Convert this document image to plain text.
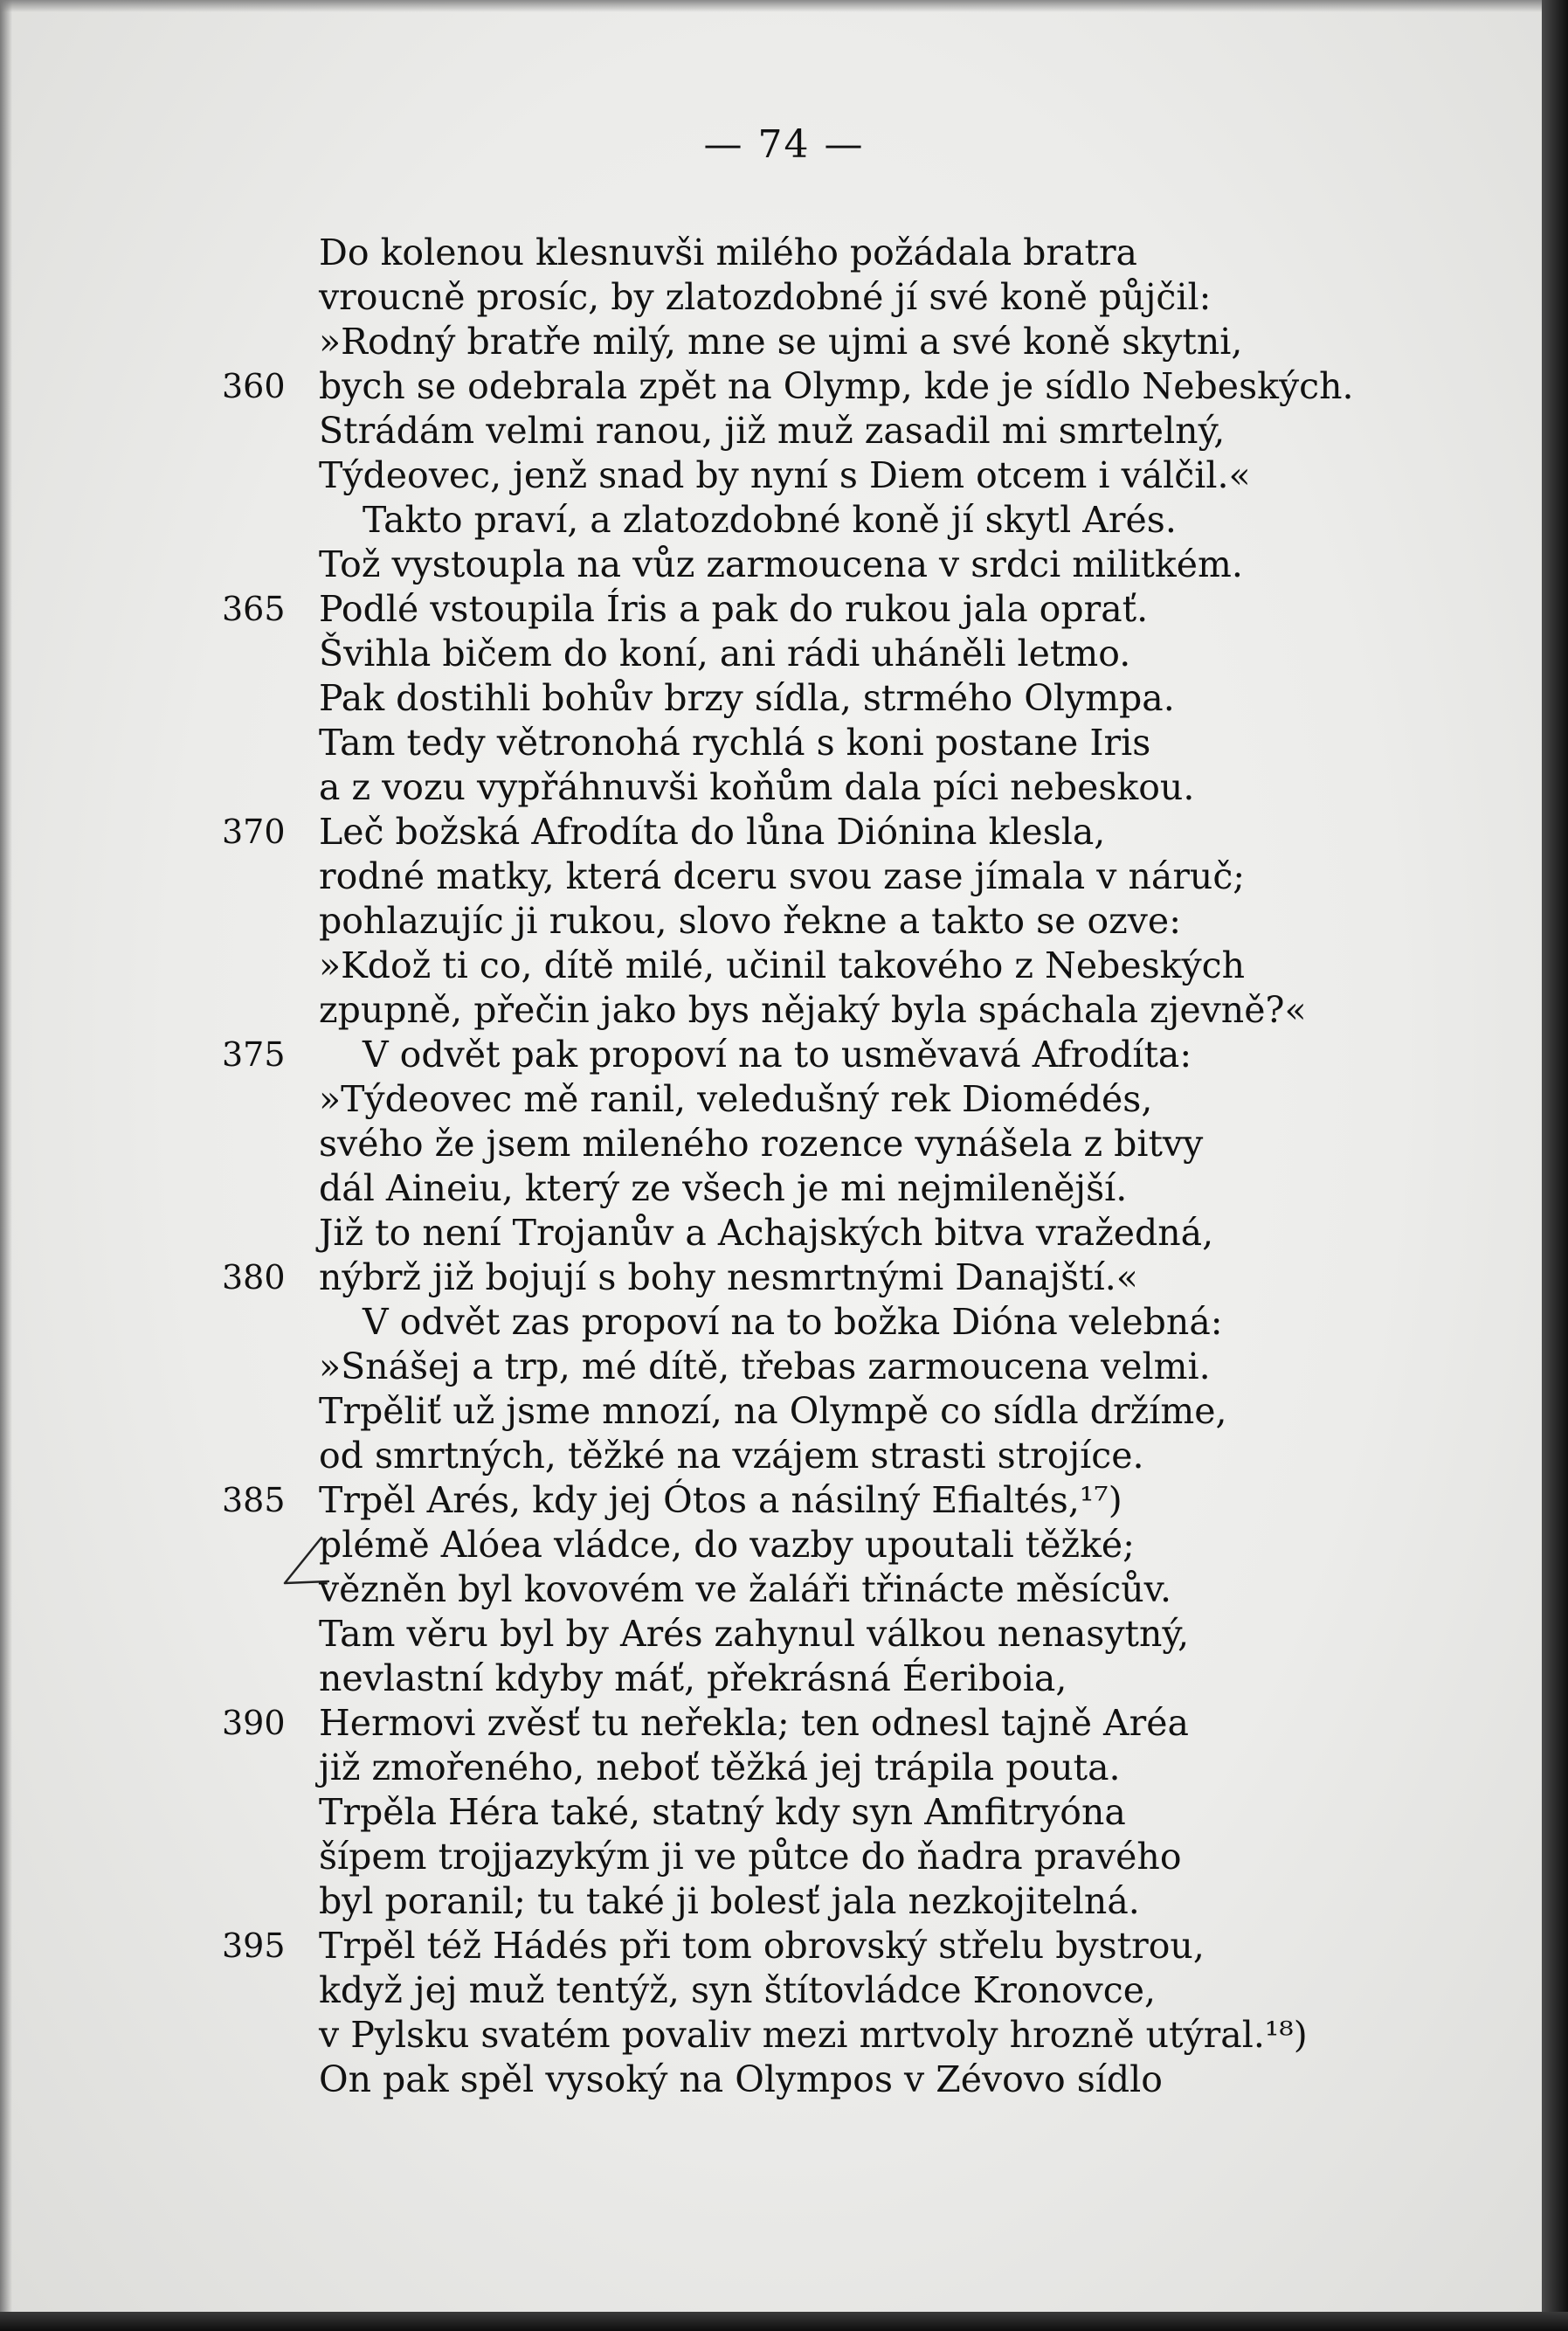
— 74 —
Do kolenou klesnuvši milého požádala bratra
vroucně prosíc, by zlatozdobné jí své koně půjčil:
»Rodný bratře milý, mne se ujmi a své koně skytni,
360 bych se odebrala zpět na Olymp, kde je sídlo Nebeských.
Strádám velmi ranou, již muž zasadil mi smrtelný,
Týdeovec, jenž snad by nyní s Diem otcem i válčil.«
Takto praví, a zlatozdobné koně jí skytl Arés.
Tož vystoupla na vůz zarmoucena v srdci militkém.
365 Podlé vstoupila Íris a pak do rukou jala oprať.
Švihla bičem do koní, ani rádi uháněli letmo.
Pak dostihli bohův brzy sídla, strmého Olympa.
Tam tedy větronohá rychlá s koni postane Iris
a z vozu vypřáhnuvši koňům dala píci nebeskou.
370 Leč božská Afrodíta do lůna Diónina klesla,
rodné matky, která dceru svou zase jímala v náruč;
pohlazujíc ji rukou, slovo řekne a takto se ozve:
»Kdož ti co, dítě milé, učinil takového z Nebeských
zpupně, přečin jako bys nějaký byla spáchala zjevně?«
375	V odvět pak propoví na to usměvavá Afrodíta:
»Týdeovec mě ranil, veledušný rek Diomédés,
svého že jsem mileného rozence vynášela z bitvy
dál Aineiu, který ze všech je mi nejmilenější.
Již to není Trojanův a Achajských bitva vražedná,
380 nýbrž již bojují s bohy nesmrtnými Danajští.«
V odvět zas propoví na to božka Dióna velebná:
»Snášej a trp, mé dítě, třebas zarmoucena velmi.
Trpěliť už jsme mnozí, na Olympě co sídla držíme,
od smrtných, těžké na vzájem strasti strojíce.
385 Trpěl Arés, kdy jej Ótos a násilný Efialtés,¹⁷)
plémě Alóea vládce, do vazby upoutali těžké;
vězněn byl kovovém ve žaláři třinácte měsícův.
Tam věru byl by Arés zahynul válkou nenasytný,
nevlastní kdyby máť, překrásná Éeriboia,
390 Hermovi zvěsť tu neřekla; ten odnesl tajně Aréa
již zmořeného, neboť těžká jej trápila pouta.
Trpěla Héra také, statný kdy syn Amfitryóna
šípem trojjazykým ji ve půtce do ňadra pravého
byl poranil; tu také ji bolesť jala nezkojitelná.
395 Trpěl též Hádés při tom obrovský střelu bystrou,
když jej muž tentýž, syn štítovládce Kronovce,
v Pylsku svatém povaliv mezi mrtvoly hrozně utýral.¹⁸)
On pak spěl vysoký na Olympos v Zévovo sídlo
